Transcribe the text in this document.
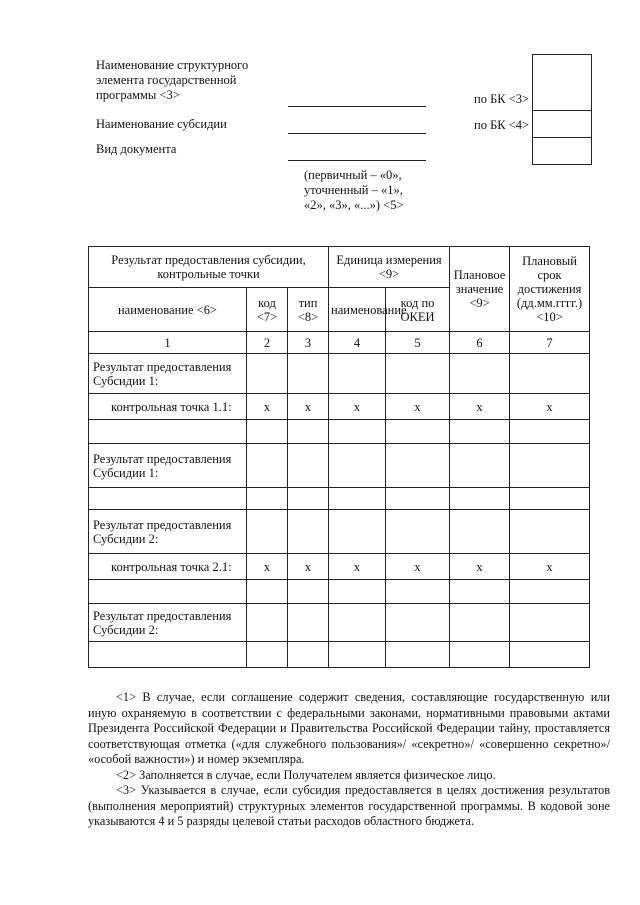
Наименование структурного элемента государственной программы <3>
Наименование субсидии
Вид документа
(первичный – «0», уточненный – «1», «2», «3», «...») <5>
по БК <3>
по БК <4>
Результат предоставления субсидии, контрольные точки			Единица измерения <9>		Плановое значение <9>	Плановый срок достижения (дд.мм.гггг.) <10>
наименование <6>	код <7>	тип <8>	наименование	код по ОКЕИ		
1	2	3	4	5	6	7
Результат предоставления Субсидии 1:						
контрольная точка 1.1:	x	x	x	x	x	x

Результат предоставления Субсидии 1:						

Результат предоставления Субсидии 2:						
контрольная точка 2.1:	x	x	x	x	x	x

Результат предоставления Субсидии 2:						

<1> В случае, если соглашение содержит сведения, составляющие государственную или иную охраняемую в соответствии с федеральными законами, нормативными правовыми актами Президента Российской Федерации и Правительства Российской Федерации тайну, проставляется соответствующая отметка («для служебного пользования»/ «секретно»/ «совершенно секретно»/ «особой важности») и номер экземпляра.

<2> Заполняется в случае, если Получателем является физическое лицо.

<3> Указывается в случае, если субсидия предоставляется в целях достижения результатов (выполнения мероприятий) структурных элементов государственной программы. В кодовой зоне указываются 4 и 5 разряды целевой статьи расходов областного бюджета.
